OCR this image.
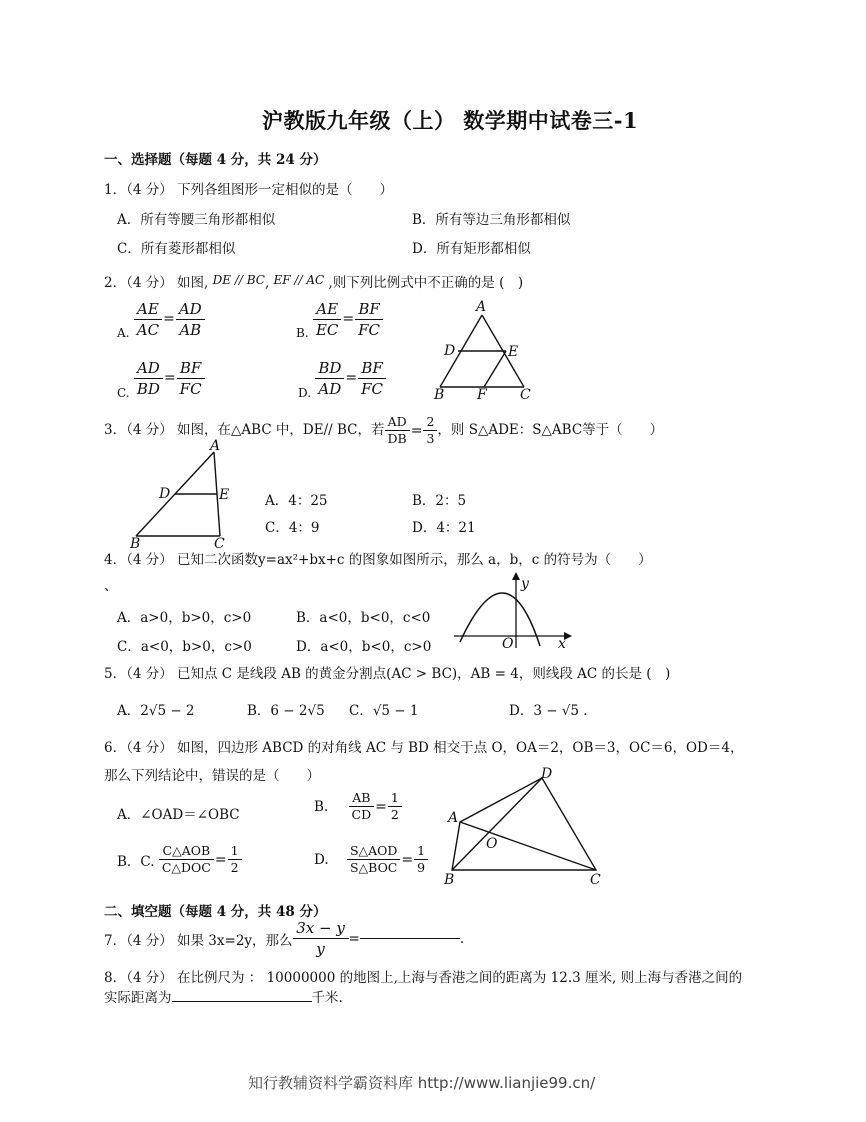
沪教版九年级（上） 数学期中试卷三-1
一、选择题（每题 4 分，共 24 分）
1．（4 分） 下列各组图形一定相似的是（　　）
A．所有等腰三角形都相似	B．所有等边三角形都相似
C．所有菱形都相似	D．所有矩形都相似
2．（4 分） 如图, DE // BC, EF // AC ,则下列比例式中不正确的是 (　)
A. $\frac{AE}{AC} = \frac{AD}{AB}$	B. $\frac{AE}{EC} = \frac{BF}{FC}$
C. $\frac{AD}{BD} = \frac{BF}{FC}$	D. $\frac{BD}{AD} = \frac{BF}{FC}$
A
D	E
B F C
3．（4 分） 如图，在△ABC 中，DE// BC，若 $\frac{AD}{DB} = \frac{2}{3}$ ，则 S△ADE：S△ABC等于（　　）
A
D	E
B	C
A．4：25	B．2：5
C．4：9	D．4：21
4．（4 分） 已知二次函数y=ax²+bx+c 的图象如图所示，那么 a，b，c 的符号为（　　）
、
A．a>0，b>0，c>0	B．a<0，b<0，c<0
C．a<0，b>0，c>0	D．a<0，b<0，c>0
y
x
O
5．（4 分） 已知点 C 是线段 AB 的黄金分割点(AC > BC)，AB = 4，则线段 AC 的长是 (　)
A．2√5 − 2	B．6 − 2√5 C．√5 − 1	D．3 − √5 .
6．（4 分） 如图，四边形 ABCD 的对角线 AC 与 BD 相交于点 O，OA＝2，OB＝3，OC＝6，OD＝4，
那么下列结论中，错误的是（　　）
A．∠OAD＝∠OBC
B. $\frac{AB}{CD} = \frac{1}{2}$
B．C. $\frac{\text{C△AOB}}{\text{C△DOC}} = \frac{1}{2}$	D. $\frac{\text{S△AOD}}{\text{S△BOC}} = \frac{1}{9}$
D
A
O
B	C
二、填空题（每题 4 分，共 48 分）
7．（4 分） 如果 3x=2y，那么 $\frac{3x - y}{y}$ =	.
8．（4 分） 在比例尺为 ： 10000000 的地图上,上海与香港之间的距离为 12.3 厘米, 则上海与香港之间的
实际距离为	千米.
知行教辅资料学霸资料库 http://www.lianjie99.cn/
